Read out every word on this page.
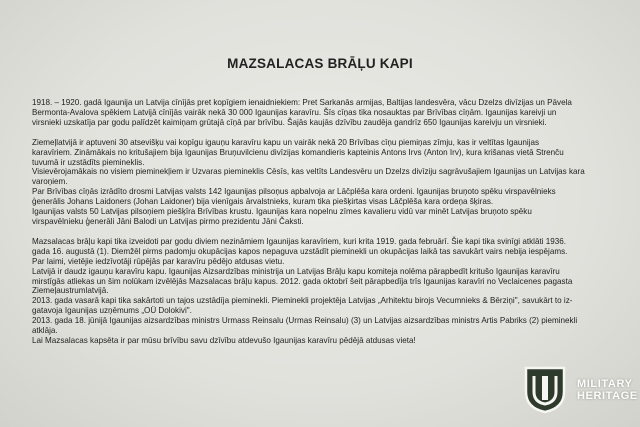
MAZSALACAS BRĀĻU KAPI

1918. – 1920. gadā Igaunija un Latvija cīnījās pret kopīgiem ienaidniekiem: Pret Sarkanās armijas, Baltijas landesvēra, vācu Dzelzs divīzijas un Pāvela

Bermonta-Avalova spēkiem Latvijā cīnījās vairāk nekā 30 000 Igaunijas karavīru. Šīs cīņas tika nosauktas par Brīvības cīņām. Igaunijas kareivji un

virsnieki uzskatīja par godu palīdzēt kaimiņam grūtajā cīņā par brīvību. Šajās kaujās dzīvību zaudēja gandrīz 650 Igaunijas kareivju un virsnieki.

Ziemeļlatvijā ir aptuveni 30 atsevišķu vai kopīgu igauņu karavīru kapu un vairāk nekā 20 Brīvības cīņu piemiņas zīmju, kas ir veltītas Igaunijas

karavīriem. Zināmākais no kritušajiem bija Igaunijas Bruņuvilcienu divīzijas komandieris kapteinis Antons Irvs (Anton Irv), kura krišanas vietā Strenču

tuvumā ir uzstādīts piemineklis.

Visievērojamākais no visiem pieminekļiem ir Uzvaras piemineklis Cēsīs, kas veltīts Landesvēru un Dzelzs divīziju sagrāvušajiem Igaunijas un Latvijas kara

varoņiem.

Par Brīvības cīņās izrādīto drosmi Latvijas valsts 142 Igaunijas pilsoņus apbalvoja ar Lāčplēša kara ordeni. Igaunijas bruņoto spēku virspavēlnieks

ģenerālis Johans Laidoners (Johan Laidoner) bija vienīgais ārvalstnieks, kuram tika piešķirtas visas Lāčplēša kara ordeņa šķiras.

Igaunijas valsts 50 Latvijas pilsoņiem piešķīra Brīvības krustu. Igaunijas kara nopelnu zīmes kavalieru vidū var minēt Latvijas bruņoto spēku

virspavēlnieku ģenerāli Jāni Balodi un Latvijas pirmo prezidentu Jāni Čaksti.

Mazsalacas brāļu kapi tika izveidoti par godu diviem nezināmiem Igaunijas karavīriem, kuri krita 1919. gada februārī. Šie kapi tika svinīgi atklāti 1936.

gada 16. augustā (1). Diemžēl pirms padomju okupācijas kapos nepaguva uzstādīt pieminekli un okupācijas laikā tas savukārt vairs nebija iespējams.

Par laimi, vietējie iedzīvotāji rūpējās par karavīru pēdējo atdusas vietu.

Latvijā ir daudz igauņu karavīru kapu. Igaunijas Aizsardzības ministrija un Latvijas Brāļu kapu komiteja nolēma pārapbedīt kritušo Igaunijas karavīru

mirstīgās atliekas un šim nolūkam izvēlējās Mazsalacas brāļu kapus. 2012. gada oktobrī šeit pārapbedīja trīs Igaunijas karavīri no Veclaicenes pagasta

Ziemeļaustrumlatvijā.

2013. gada vasarā kapi tika sakārtoti un tajos uzstādīja pieminekli. Pieminekli projektēja Latvijas „Arhitektu birojs Vecumnieks & Bērziņi", savukārt to iz-

gatavoja Igaunijas uzņēmums „OÜ Dolokivi".

2013. gada 18. jūnijā Igaunijas aizsardzības ministrs Urmass Reinsalu (Urmas Reinsalu) (3) un Latvijas aizsardzības ministrs Artis Pabriks (2) pieminekli

atklāja.

Lai Mazsalacas kapsēta ir par mūsu brīvību savu dzīvību atdevušo Igaunijas karavīru pēdējā atdusas vieta!

MILITARY
HERITAGE
